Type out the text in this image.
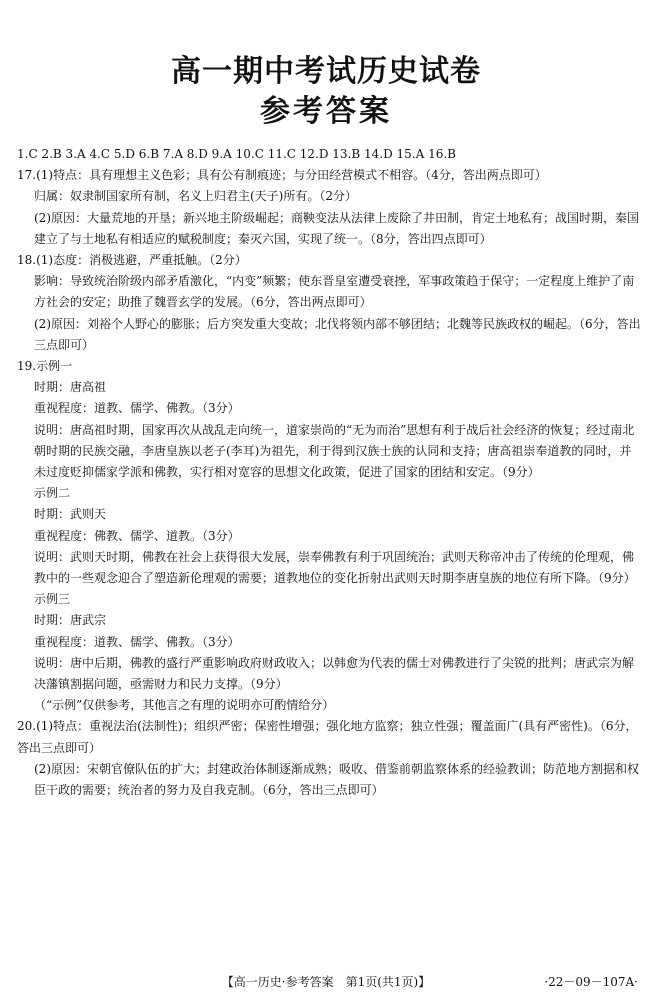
高一期中考试历史试卷
参考答案
1.C 2.B 3.A 4.C 5.D 6.B 7.A 8.D 9.A 10.C 11.C 12.D 13.B 14.D 15.A 16.B
17.(1)特点：具有理想主义色彩；具有公有制痕迹；与分田经营模式不相容。（4分，答出两点即可）
归属：奴隶制国家所有制，名义上归君主(天子)所有。（2分）
(2)原因：大量荒地的开垦；新兴地主阶级崛起；商鞅变法从法律上废除了井田制，肯定土地私有；战国时期，秦国建立了与土地私有相适应的赋税制度；秦灭六国，实现了统一。（8分，答出四点即可）
18.(1)态度：消极逃避，严重抵触。（2分）
影响：导致统治阶级内部矛盾激化，“内变”频繁；使东晋皇室遭受衰挫，军事政策趋于保守；一定程度上维护了南方社会的安定；助推了魏晋玄学的发展。（6分，答出两点即可）
(2)原因：刘裕个人野心的膨胀；后方突发重大变故；北伐将领内部不够团结；北魏等民族政权的崛起。（6分，答出三点即可）
19.示例一
时期：唐高祖
重视程度：道教、儒学、佛教。（3分）
说明：唐高祖时期，国家再次从战乱走向统一，道家崇尚的“无为而治”思想有利于战后社会经济的恢复；经过南北朝时期的民族交融，李唐皇族以老子(李耳)为祖先，利于得到汉族士族的认同和支持；唐高祖崇奉道教的同时，并未过度贬抑儒家学派和佛教，实行相对宽容的思想文化政策，促进了国家的团结和安定。（9分）
示例二
时期：武则天
重视程度：佛教、儒学、道教。（3分）
说明：武则天时期，佛教在社会上获得很大发展，崇奉佛教有利于巩固统治；武则天称帝冲击了传统的伦理观，佛教中的一些观念迎合了塑造新伦理观的需要；道教地位的变化折射出武则天时期李唐皇族的地位有所下降。（9分）
示例三
时期：唐武宗
重视程度：道教、儒学、佛教。（3分）
说明：唐中后期，佛教的盛行严重影响政府财政收入；以韩愈为代表的儒士对佛教进行了尖锐的批判；唐武宗为解决藩镇割据问题，亟需财力和民力支撑。（9分）
（“示例”仅供参考，其他言之有理的说明亦可酌情给分）
20.(1)特点：重视法治(法制性)；组织严密；保密性增强；强化地方监察；独立性强；覆盖面广(具有严密性)。（6分，答出三点即可）
(2)原因：宋朝官僚队伍的扩大；封建政治体制逐渐成熟；吸收、借鉴前朝监察体系的经验教训；防范地方割据和权臣干政的需要；统治者的努力及自我克制。（6分，答出三点即可）
【高一历史·参考答案　第1页(共1页)】	·22－09－107A·
